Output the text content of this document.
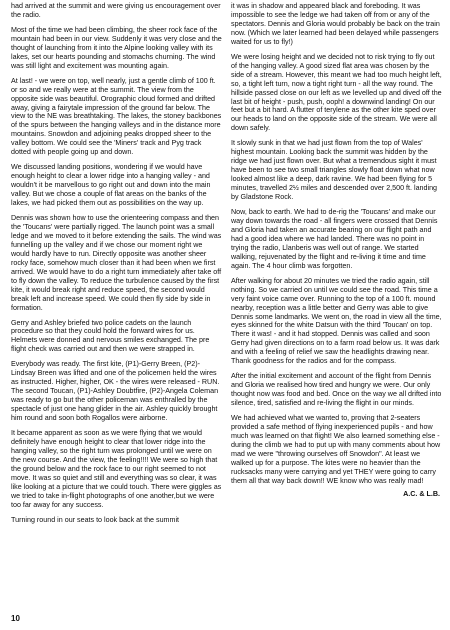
had arrived at the summit and were giving us encouragement over the radio.

Most of the time we had been climbing, the sheer rock face of the mountain had been in our view. Suddenly it was very close and the thought of launching from it into the Alpine looking valley with its lakes, set our hearts pounding and stomachs churning. The wind was still light and excitement was mounting again.

At last! - we were on top, well nearly, just a gentle climb of 100 ft. or so and we really were at the summit. The view from the opposite side was beautiful. Orographic cloud formed and drifted away, giving a fairytale impression of the ground far below. The view to the NE was breathtaking. The lakes, the stoney backbones of the spurs between the hanging valleys and in the distance more mountains. Snowdon and adjoining peaks dropped sheer to the valley bottom. We could see the 'Miners' track and Pyg track dotted with people going up and down.

We discussed landing positions, wondering if we would have enough height to clear a lower ridge into a hanging valley - and wouldn't it be marvellous to go right out and down into the main valley. But we chose a couple of flat areas on the banks of the lakes, we had picked them out as possibilities on the way up.

Dennis was shown how to use the orienteering compass and then the 'Toucans' were partially rigged. The launch point was a small ledge and we moved to it before extending the sails. The wind was funnelling up the valley and if we chose our moment right we would hardly have to run. Directly opposite was another sheer rocky face, somehow much closer than it had been when we first arrived. We would have to do a right turn immediately after take off to fly down the valley. To reduce the turbulence caused by the first kite, it would break right and reduce speed, the second would break left and increase speed. We could then fly side by side in formation.

Gerry and Ashley briefed two police cadets on the launch procedure so that they could hold the forward wires for us. Helmets were donned and nervous smiles exchanged. The pre flight check was carried out and then we were strapped in.

Everybody was ready. The first kite, (P1)-Gerry Breen, (P2)-Lindsay Breen was lifted and one of the policemen held the wires as instructed. Higher, higher, OK - the wires were released - RUN. The second Toucan, (P1)-Ashley Doubtfire, (P2)-Angela Coleman was ready to go but the other policeman was enthralled by the spectacle of just one hang glider in the air. Ashley quickly brought him round and soon both Rogallos were airborne.

It became apparent as soon as we were flying that we would definitely have enough height to clear that lower ridge into the hanging valley, so the right turn was prolonged until we were on the new course. And the view, the feeling!!!! We were so high that the ground below and the rock face to our right seemed to not move. It was so quiet and still and everything was so clear, it was like looking at a picture that we could touch. There were giggles as we tried to take in-flight photographs of one another,but we were too far away for any success.

Turning round in our seats to look back at the summit

it was in shadow and appeared black and foreboding. It was impossible to see the ledge we had taken off from or any of the spectators. Dennis and Gloria would probably be back on the train now. (Which we later learned had been delayed while passengers waited for us to fly!)

We were losing height and we decided not to risk trying to fly out of the hanging valley. A good sized flat area was chosen by the side of a stream. However, this meant we had too much height left, so, a tight left turn, now a tight right turn - all the way round. The hillside passed close on our left as we levelled up and dived off the last bit of height - push, push, ooph! a downwind landing! On our feet but a bit hard. A flutter of terylene as the other kite sped over our heads to land on the opposite side of the stream. We were all down safely.

It slowly sunk in that we had just flown from the top of Wales' highest mountain. Looking back the summit was hidden by the ridge we had just flown over. But what a tremendous sight it must have been to see two small triangles slowly float down what now looked almost like a deep, dark ravine. We had been flying for 5 minutes, travelled 2½ miles and descended over 2,500 ft. landing by Gladstone Rock.

Now, back to earth. We had to de-rig the 'Toucans' and make our way down towards the road - all fingers were crossed that Dennis and Gloria had taken an accurate bearing on our flight path and had a good idea where we had landed. There was no point in trying the radio, Llanberis was well out of range. We started walking, rejuvenated by the flight and re-living it time and time again. The 4 hour climb was forgotten.

After walking for about 20 minutes we tried the radio again, still nothing. So we carried on until we could see the road. This time a very faint voice came over. Running to the top of a 100 ft. mound nearby, reception was a little better and Gerry was able to give Dennis some landmarks. We went on, the road in view all the time, eyes skinned for the white Datsun with the third 'Toucan' on top. There it was! - and it had stopped. Dennis was called and soon Gerry had given directions on to a farm road below us. It was dark and with a feeling of relief we saw the headlights drawing near. Thank goodness for the radios and for the compass.

After the initial excitement and account of the flight from Dennis and Gloria we realised how tired and hungry we were. Our only thought now was food and bed. Once on the way we all drifted into silence, tired, satisfied and re-living the flight in our minds.

We had achieved what we wanted to, proving that 2-seaters provided a safe method of flying inexperienced pupils - and how much was learned on that flight! We also learned something else - during the climb we had to put up with many comments about how mad we were "throwing ourselves off Snowdon". At least we walked up for a purpose. The kites were no heavier than the rucksacks many were carrying and yet THEY were going to carry them all that way back down!! WE know who was really mad!

A.C. & L.B.
10
